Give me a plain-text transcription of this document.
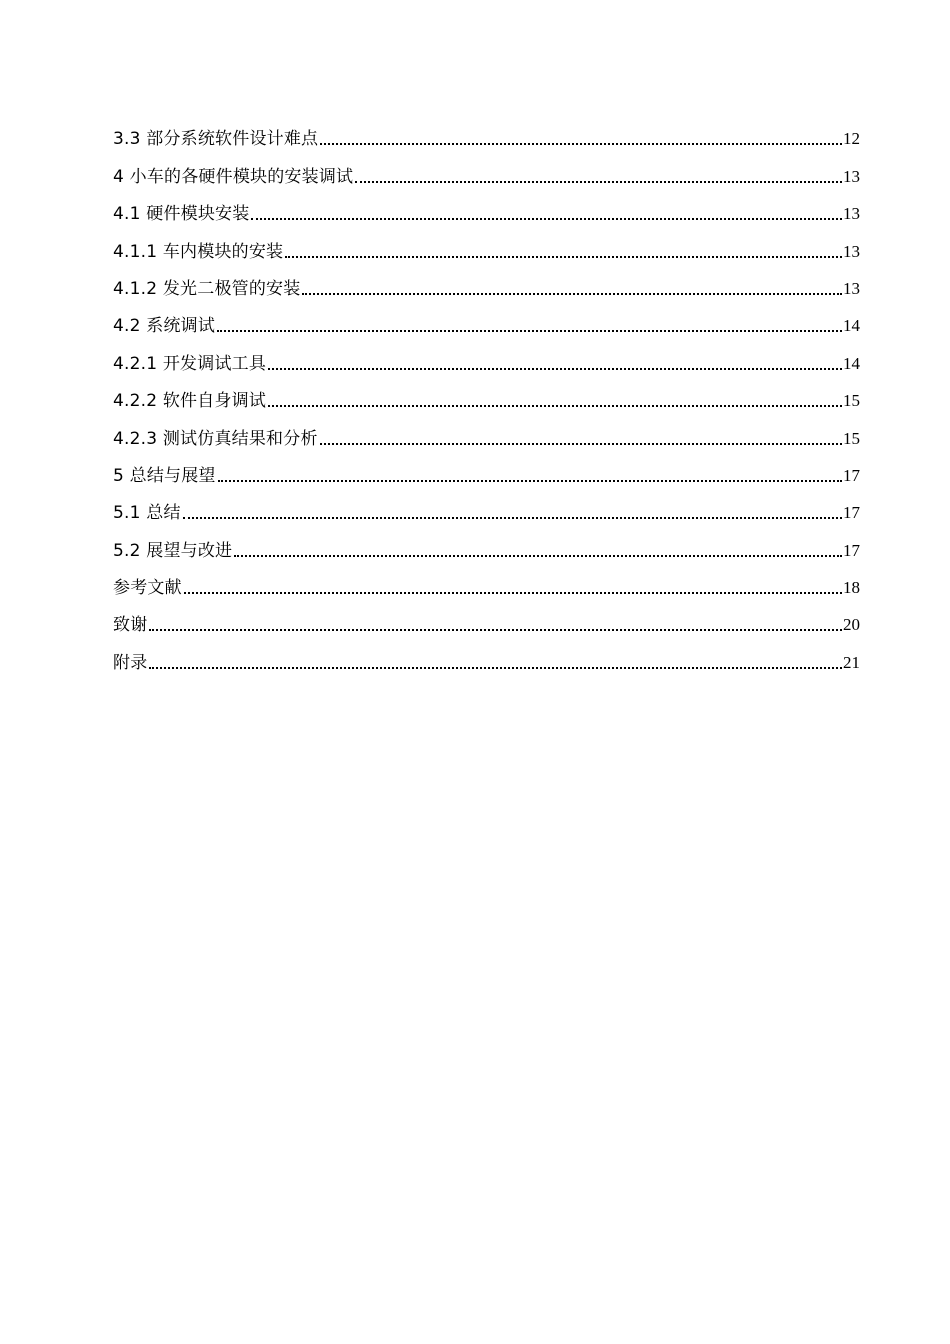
3.3 部分系统软件设计难点	12
4 小车的各硬件模块的安装调试	13
4.1 硬件模块安装	13
4.1.1 车内模块的安装	13
4.1.2 发光二极管的安装	13
4.2 系统调试	14
4.2.1 开发调试工具	14
4.2.2 软件自身调试	15
4.2.3 测试仿真结果和分析	15
5 总结与展望	17
5.1 总结	17
5.2 展望与改进	17
参考文献	18
致谢	20
附录	21
